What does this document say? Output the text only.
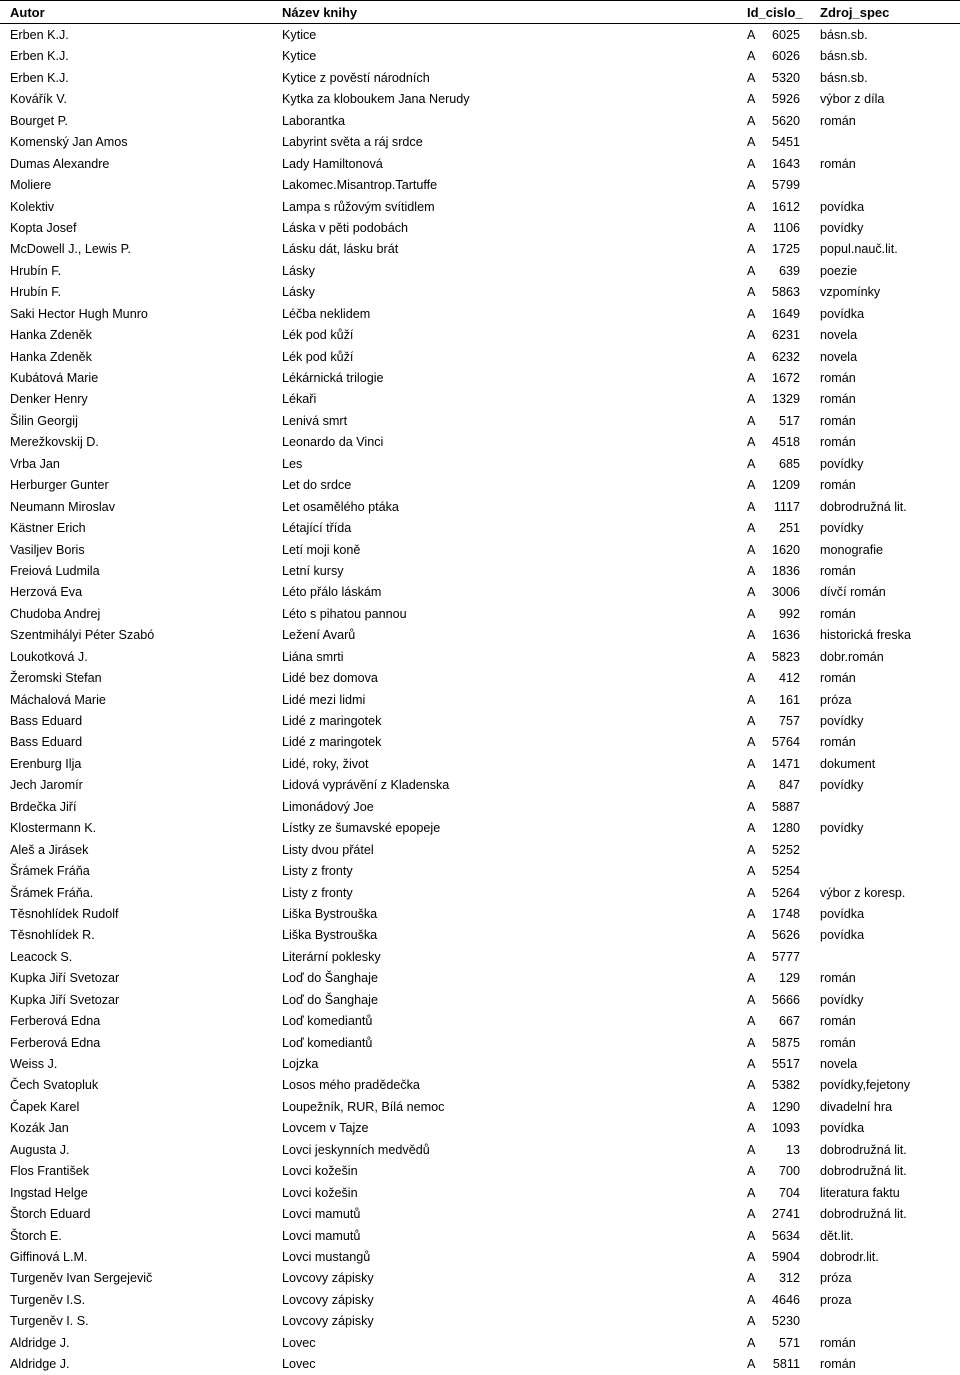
Autor	Název knihy	Id_cislo_ Zdroj_spec
Erben K.J.	Kytice	A	6025 básn.sb.
Erben K.J.	Kytice	A	6026 básn.sb.
Erben K.J.	Kytice z pověstí národních	A	5320 básn.sb.
Kovářík V.	Kytka za kloboukem Jana Nerudy	A	5926 výbor z díla
Bourget P.	Laborantka	A	5620 román
Komenský Jan Amos	Labyrint světa a ráj srdce	A	5451
Dumas Alexandre	Lady Hamiltonová	A	1643 román
Moliere	Lakomec.Misantrop.Tartuffe	A	5799
Kolektiv	Lampa s růžovým svítidlem	A	1612 povídka
Kopta Josef	Láska v pěti podobách	A	1106 povídky
McDowell J., Lewis P.	Lásku dát, lásku brát	A	1725 popul.nauč.lit.
Hrubín F.	Lásky	A	639 poezie
Hrubín F.	Lásky	A	5863 vzpomínky
Saki Hector Hugh Munro	Léčba neklidem	A	1649 povídka
Hanka Zdeněk	Lék pod kůží	A	6231 novela
Hanka Zdeněk	Lék pod kůží	A	6232 novela
Kubátová Marie	Lékárnická trilogie	A	1672 román
Denker Henry	Lékaři	A	1329 román
Šilin Georgij	Lenivá smrt	A	517 román
Merežkovskij D.	Leonardo da Vinci	A	4518 román
Vrba Jan	Les	A	685 povídky
Herburger Gunter	Let do srdce	A	1209 román
Neumann Miroslav	Let osamělého ptáka	A	1117 dobrodružná lit.
Kästner Erich	Létající třída	A	251 povídky
Vasiljev Boris	Letí moji koně	A	1620 monografie
Freiová Ludmila	Letní kursy	A	1836 román
Herzová Eva	Léto přálo láskám	A	3006 dívčí román
Chudoba Andrej	Léto s pihatou pannou	A	992 román
Szentmihályi Péter Szabó	Ležení Avarů	A	1636 historická freska
Loukotková J.	Liána smrti	A	5823 dobr.román
Žeromski Stefan	Lidé bez domova	A	412 román
Máchalová Marie	Lidé mezi lidmi	A	161 próza
Bass Eduard	Lidé z maringotek	A	757 povídky
Bass Eduard	Lidé z maringotek	A	5764 román
Erenburg Ilja	Lidé, roky, život	A	1471 dokument
Jech Jaromír	Lidová vyprávění z Kladenska	A	847 povídky
Brdečka Jiří	Limonádový Joe	A	5887
Klostermann K.	Lístky ze šumavské epopeje	A	1280 povídky
Aleš a Jirásek	Listy dvou přátel	A	5252
Šrámek Fráňa	Listy z fronty	A	5254
Šrámek Fráňa.	Listy z fronty	A	5264 výbor z koresp.
Těsnohlídek Rudolf	Liška Bystrouška	A	1748 povídka
Těsnohlídek R.	Liška Bystrouška	A	5626 povídka
Leacock S.	Literární poklesky	A	5777
Kupka Jiří Svetozar	Loď do Šanghaje	A	129 román
Kupka Jiří Svetozar	Loď do Šanghaje	A	5666 povídky
Ferberová Edna	Loď komediantů	A	667 román
Ferberová Edna	Loď komediantů	A	5875 román
Weiss J.	Lojzka	A	5517 novela
Čech Svatopluk	Losos mého pradědečka	A	5382 povídky,fejetony
Čapek Karel	Loupežník, RUR, Bílá nemoc	A	1290 divadelní hra
Kozák Jan	Lovcem v Tajze	A	1093 povídka
Augusta J.	Lovci jeskynních medvědů	A	13 dobrodružná lit.
Flos František	Lovci kožešin	A	700 dobrodružná lit.
Ingstad Helge	Lovci kožešin	A	704 literatura faktu
Štorch Eduard	Lovci mamutů	A	2741 dobrodružná lit.
Štorch E.	Lovci mamutů	A	5634 dět.lit.
Giffinová L.M.	Lovci mustangů	A	5904 dobrodr.lit.
Turgeněv Ivan Sergejevič	Lovcovy zápisky	A	312 próza
Turgeněv I.S.	Lovcovy zápisky	A	4646 proza
Turgeněv I. S.	Lovcovy zápisky	A	5230
Aldridge J.	Lovec	A	571 román
Aldridge J.	Lovec	A	5811 román
